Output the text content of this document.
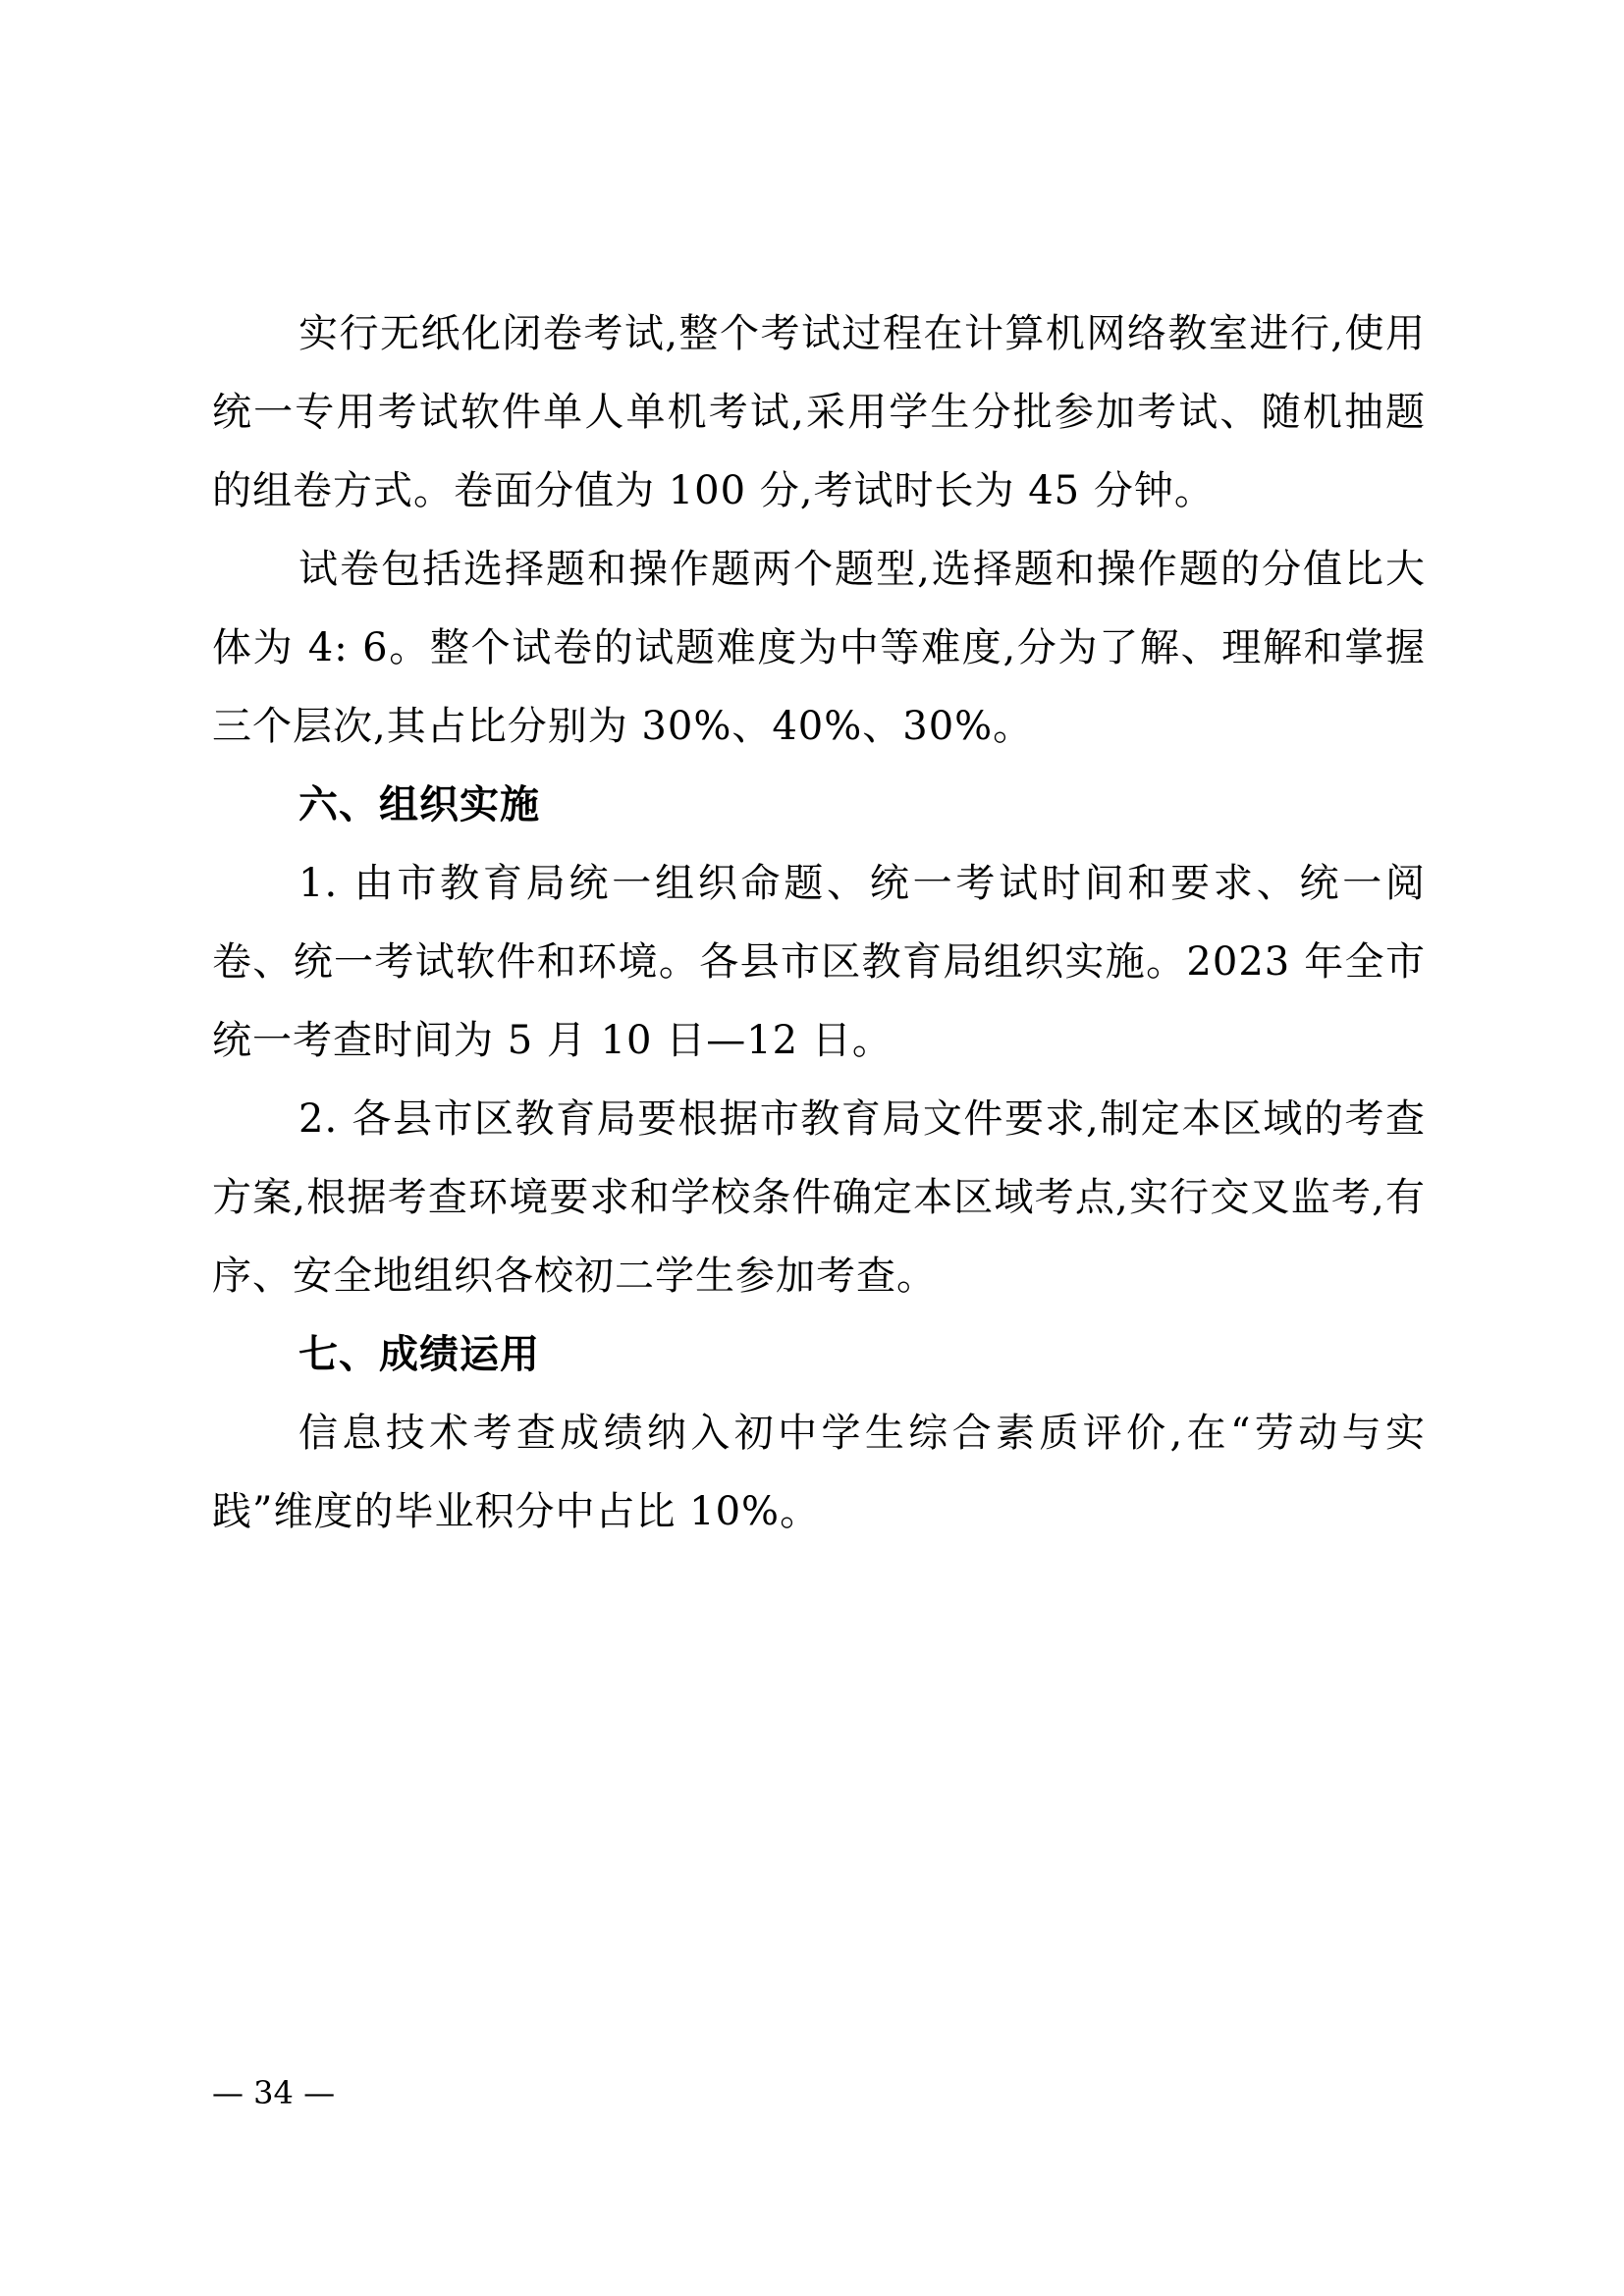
实行无纸化闭卷考试,整个考试过程在计算机网络教室进行,使用统一专用考试软件单人单机考试,采用学生分批参加考试、随机抽题的组卷方式。卷面分值为 100 分,考试时长为 45 分钟。

试卷包括选择题和操作题两个题型,选择题和操作题的分值比大体为 4: 6。整个试卷的试题难度为中等难度,分为了解、理解和掌握三个层次,其占比分别为 30%、40%、30%。

六、组织实施

1. 由市教育局统一组织命题、统一考试时间和要求、统一阅卷、统一考试软件和环境。各县市区教育局组织实施。2023 年全市统一考查时间为 5 月 10 日—12 日。

2. 各县市区教育局要根据市教育局文件要求,制定本区域的考查方案,根据考查环境要求和学校条件确定本区域考点,实行交叉监考,有序、安全地组织各校初二学生参加考查。

七、成绩运用

信息技术考查成绩纳入初中学生综合素质评价,在“劳动与实践”维度的毕业积分中占比 10%。

— 34 —
